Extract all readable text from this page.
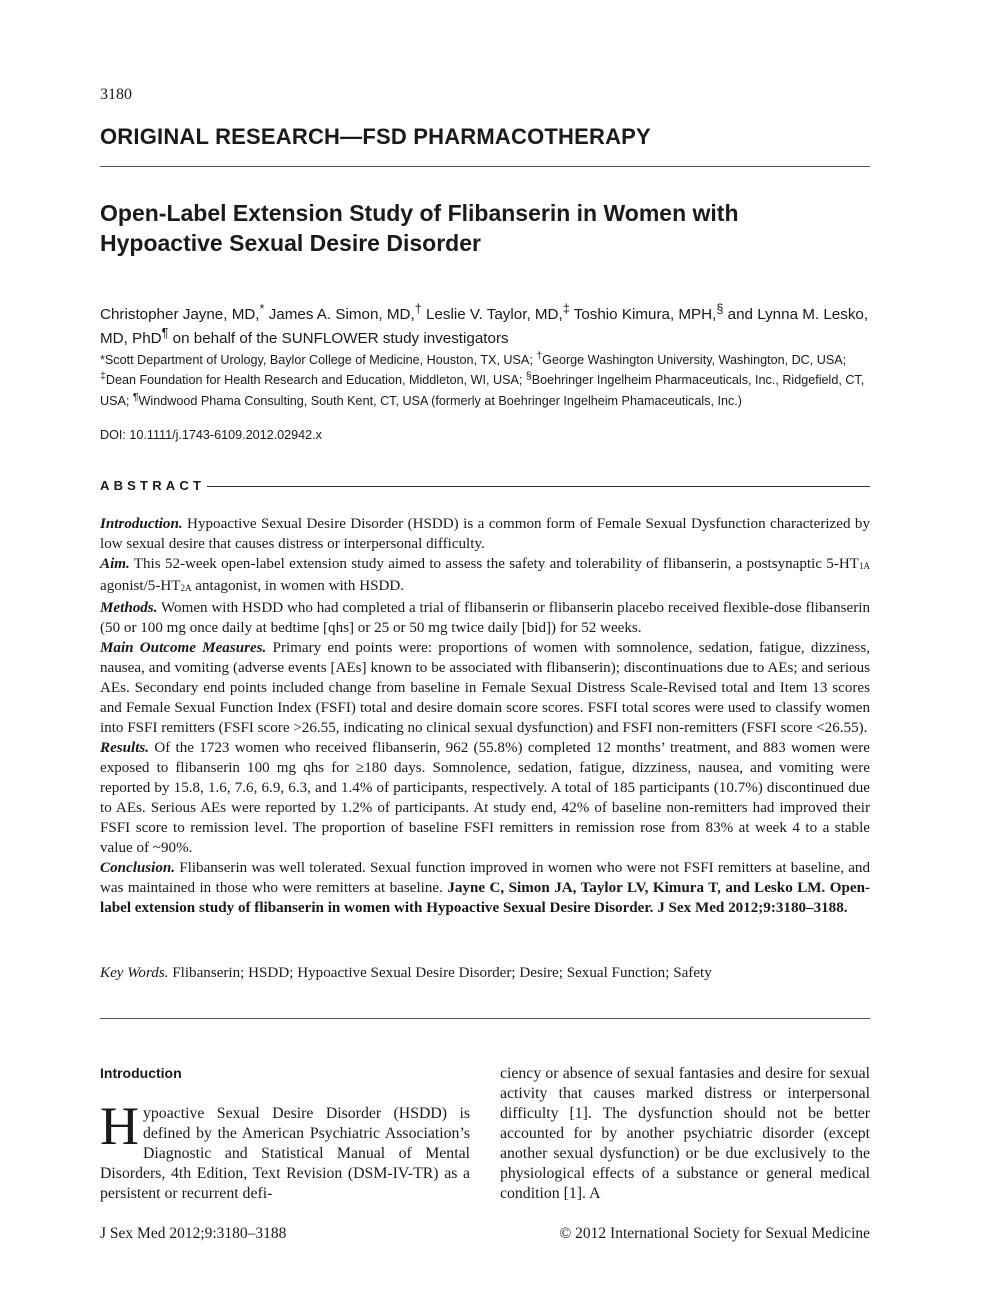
3180
ORIGINAL RESEARCH—FSD PHARMACOTHERAPY
Open-Label Extension Study of Flibanserin in Women with Hypoactive Sexual Desire Disorder
Christopher Jayne, MD,* James A. Simon, MD,† Leslie V. Taylor, MD,‡ Toshio Kimura, MPH,§ and Lynna M. Lesko, MD, PhD¶ on behalf of the SUNFLOWER study investigators
*Scott Department of Urology, Baylor College of Medicine, Houston, TX, USA; †George Washington University, Washington, DC, USA; ‡Dean Foundation for Health Research and Education, Middleton, WI, USA; §Boehringer Ingelheim Pharmaceuticals, Inc., Ridgefield, CT, USA; ¶Windwood Phama Consulting, South Kent, CT, USA (formerly at Boehringer Ingelheim Phamaceuticals, Inc.)
DOI: 10.1111/j.1743-6109.2012.02942.x
ABSTRACT

Introduction. Hypoactive Sexual Desire Disorder (HSDD) is a common form of Female Sexual Dysfunction characterized by low sexual desire that causes distress or interpersonal difficulty.

Aim. This 52-week open-label extension study aimed to assess the safety and tolerability of flibanserin, a postsynaptic $5-HT_{1A}$ agonist/$5-HT_{2A}$ antagonist, in women with HSDD.

Methods. Women with HSDD who had completed a trial of flibanserin or flibanserin placebo received flexible-dose flibanserin (50 or 100 mg once daily at bedtime [qhs] or 25 or 50 mg twice daily [bid]) for 52 weeks.

Main Outcome Measures. Primary end points were: proportions of women with somnolence, sedation, fatigue, dizziness, nausea, and vomiting (adverse events [AEs] known to be associated with flibanserin); discontinuations due to AEs; and serious AEs. Secondary end points included change from baseline in Female Sexual Distress Scale-Revised total and Item 13 scores and Female Sexual Function Index (FSFI) total and desire domain score scores. FSFI total scores were used to classify women into FSFI remitters (FSFI score >26.55, indicating no clinical sexual dysfunction) and FSFI non-remitters (FSFI score <26.55).

Results. Of the 1723 women who received flibanserin, 962 (55.8%) completed 12 months’ treatment, and 883 women were exposed to flibanserin 100 mg qhs for ≥180 days. Somnolence, sedation, fatigue, dizziness, nausea, and vomiting were reported by 15.8, 1.6, 7.6, 6.9, 6.3, and 1.4% of participants, respectively. A total of 185 participants (10.7%) discontinued due to AEs. Serious AEs were reported by 1.2% of participants. At study end, 42% of baseline non-remitters had improved their FSFI score to remission level. The proportion of baseline FSFI remitters in remission rose from 83% at week 4 to a stable value of ~90%.

Conclusion. Flibanserin was well tolerated. Sexual function improved in women who were not FSFI remitters at baseline, and was maintained in those who were remitters at baseline. Jayne C, Simon JA, Taylor LV, Kimura T, and Lesko LM. Open-label extension study of flibanserin in women with Hypoactive Sexual Desire Disorder. J Sex Med 2012;9:3180–3188.

Key Words. Flibanserin; HSDD; Hypoactive Sexual Desire Disorder; Desire; Sexual Function; Safety
Introduction
Hypoactive Sexual Desire Disorder (HSDD) is defined by the American Psychiatric Association’s Diagnostic and Statistical Manual of Mental Disorders, 4th Edition, Text Revision (DSM-IV-TR) as a persistent or recurrent defi-
ciency or absence of sexual fantasies and desire for sexual activity that causes marked distress or interpersonal difficulty [1]. The dysfunction should not be better accounted for by another psychiatric disorder (except another sexual dysfunction) or be due exclusively to the physiological effects of a substance or general medical condition [1]. A
J Sex Med 2012;9:3180–3188	© 2012 International Society for Sexual Medicine
